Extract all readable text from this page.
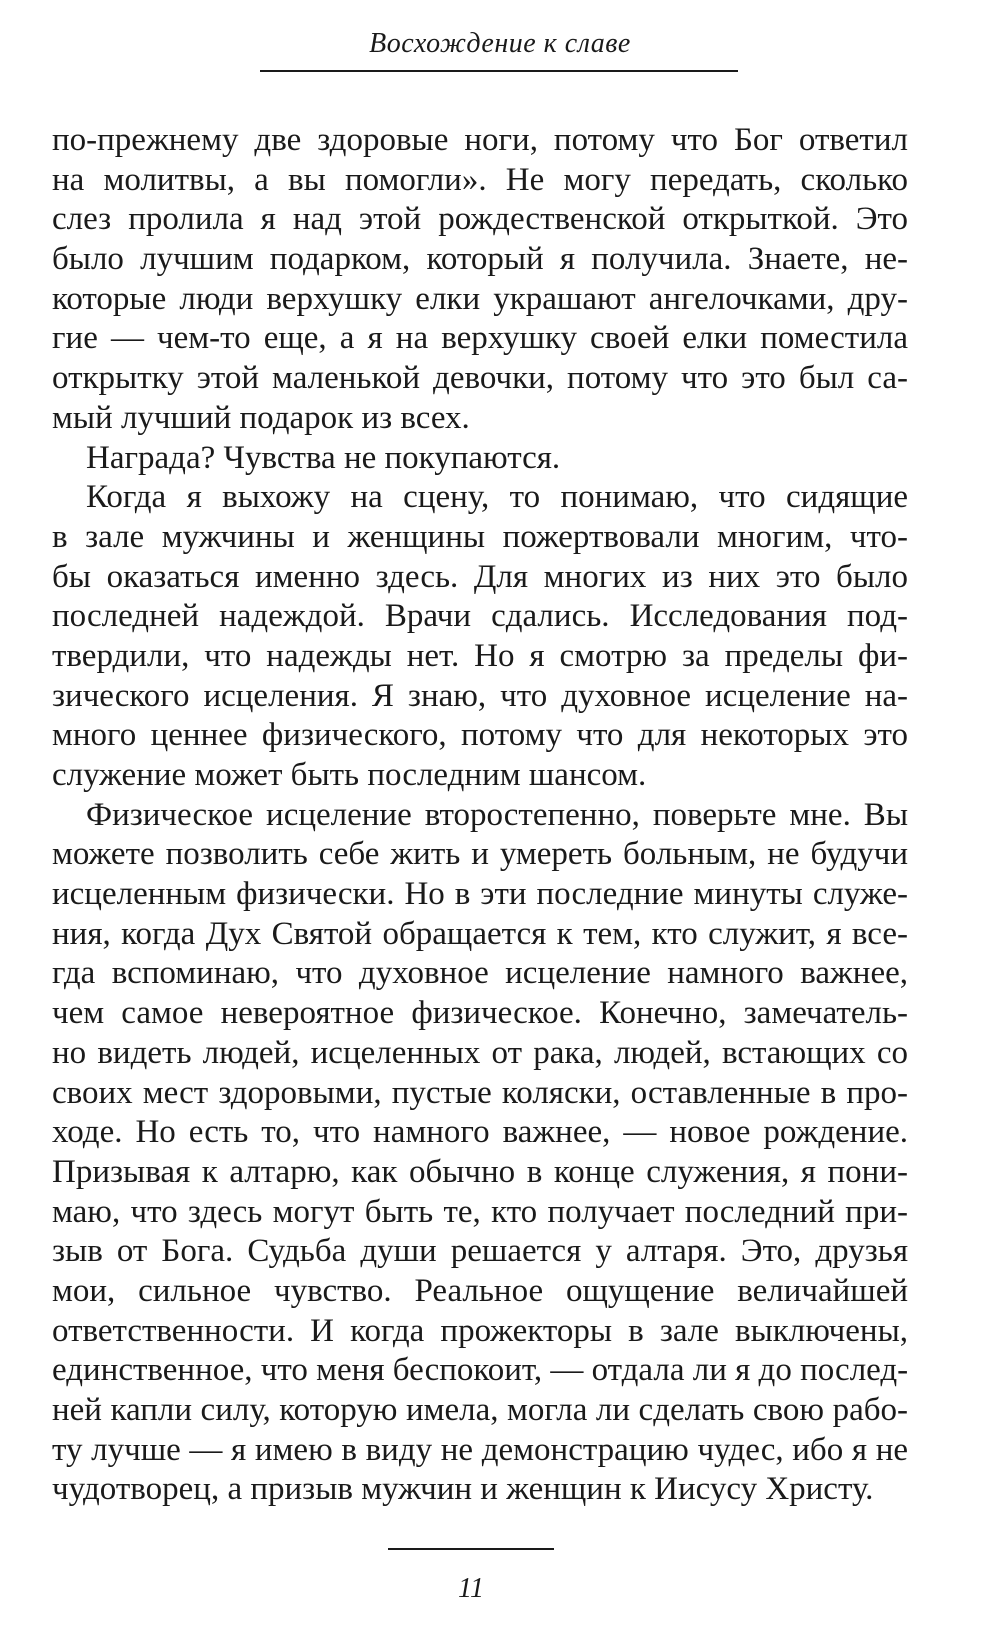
Восхождение к славе
по-прежнему две здоровые ноги, потому что Бог ответил
на молитвы, а вы помогли». Не могу передать, сколько
слез пролила я над этой рождественской открыткой. Это
было лучшим подарком, который я получила. Знаете, не-
которые люди верхушку елки украшают ангелочками, дру-
гие — чем-то еще, а я на верхушку своей елки поместила
открытку этой маленькой девочки, потому что это был са-
мый лучший подарок из всех.
Награда? Чувства не покупаются.
Когда я выхожу на сцену, то понимаю, что сидящие
в зале мужчины и женщины пожертвовали многим, что-
бы оказаться именно здесь. Для многих из них это было
последней надеждой. Врачи сдались. Исследования под-
твердили, что надежды нет. Но я смотрю за пределы фи-
зического исцеления. Я знаю, что духовное исцеление на-
много ценнее физического, потому что для некоторых это
служение может быть последним шансом.
Физическое исцеление второстепенно, поверьте мне. Вы
можете позволить себе жить и умереть больным, не будучи
исцеленным физически. Но в эти последние минуты служе-
ния, когда Дух Святой обращается к тем, кто служит, я все-
гда вспоминаю, что духовное исцеление намного важнее,
чем самое невероятное физическое. Конечно, замечатель-
но видеть людей, исцеленных от рака, людей, встающих со
своих мест здоровыми, пустые коляски, оставленные в про-
ходе. Но есть то, что намного важнее, — новое рождение.
Призывая к алтарю, как обычно в конце служения, я пони-
маю, что здесь могут быть те, кто получает последний при-
зыв от Бога. Судьба души решается у алтаря. Это, друзья
мои, сильное чувство. Реальное ощущение величайшей
ответственности. И когда прожекторы в зале выключены,
единственное, что меня беспокоит, — отдала ли я до послед-
ней капли силу, которую имела, могла ли сделать свою рабо-
ту лучше — я имею в виду не демонстрацию чудес, ибо я не
чудотворец, а призыв мужчин и женщин к Иисусу Христу.
11
